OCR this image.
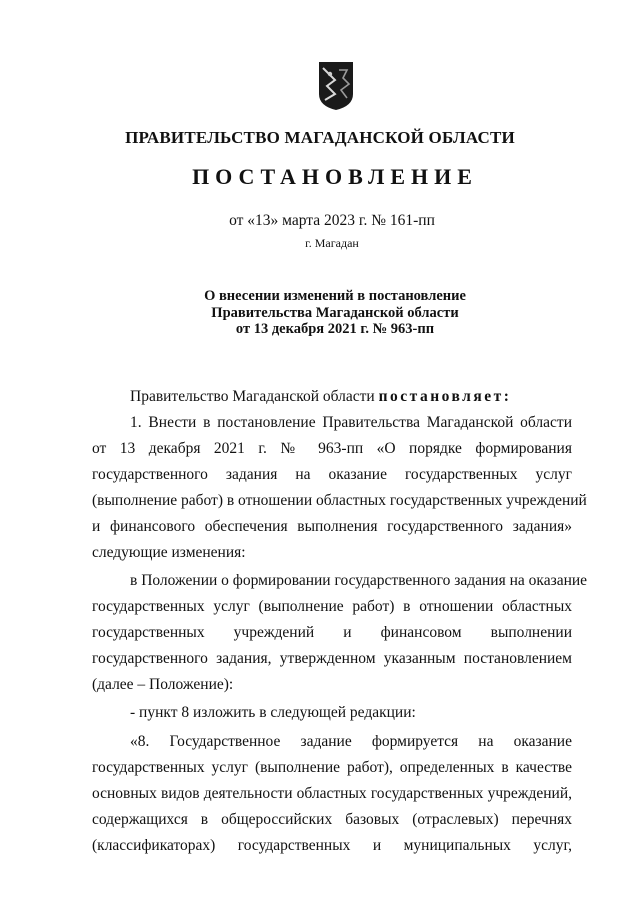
ПРАВИТЕЛЬСТВО МАГАДАНСКОЙ ОБЛАСТИ
ПОСТАНОВЛЕНИЕ
от «13» марта 2023 г. № 161-пп
г. Магадан
О внесении изменений в постановление
Правительства Магаданской области
от 13 декабря 2021 г. № 963-пп
Правительство Магаданской области постановляет:
1. Внести в постановление Правительства Магаданской области
от 13 декабря 2021 г. № 963-пп «О порядке формирования
государственного задания на оказание государственных услуг
(выполнение работ) в отношении областных государственных учреждений
и финансового обеспечения выполнения государственного задания»
следующие изменения:
в Положении о формировании государственного задания на оказание
государственных услуг (выполнение работ) в отношении областных
государственных учреждений и финансовом выполнении
государственного задания, утвержденном указанным постановлением
(далее – Положение):
- пункт 8 изложить в следующей редакции:
«8. Государственное задание формируется на оказание
государственных услуг (выполнение работ), определенных в качестве
основных видов деятельности областных государственных учреждений,
содержащихся в общероссийских базовых (отраслевых) перечнях
(классификаторах) государственных и муниципальных услуг,
